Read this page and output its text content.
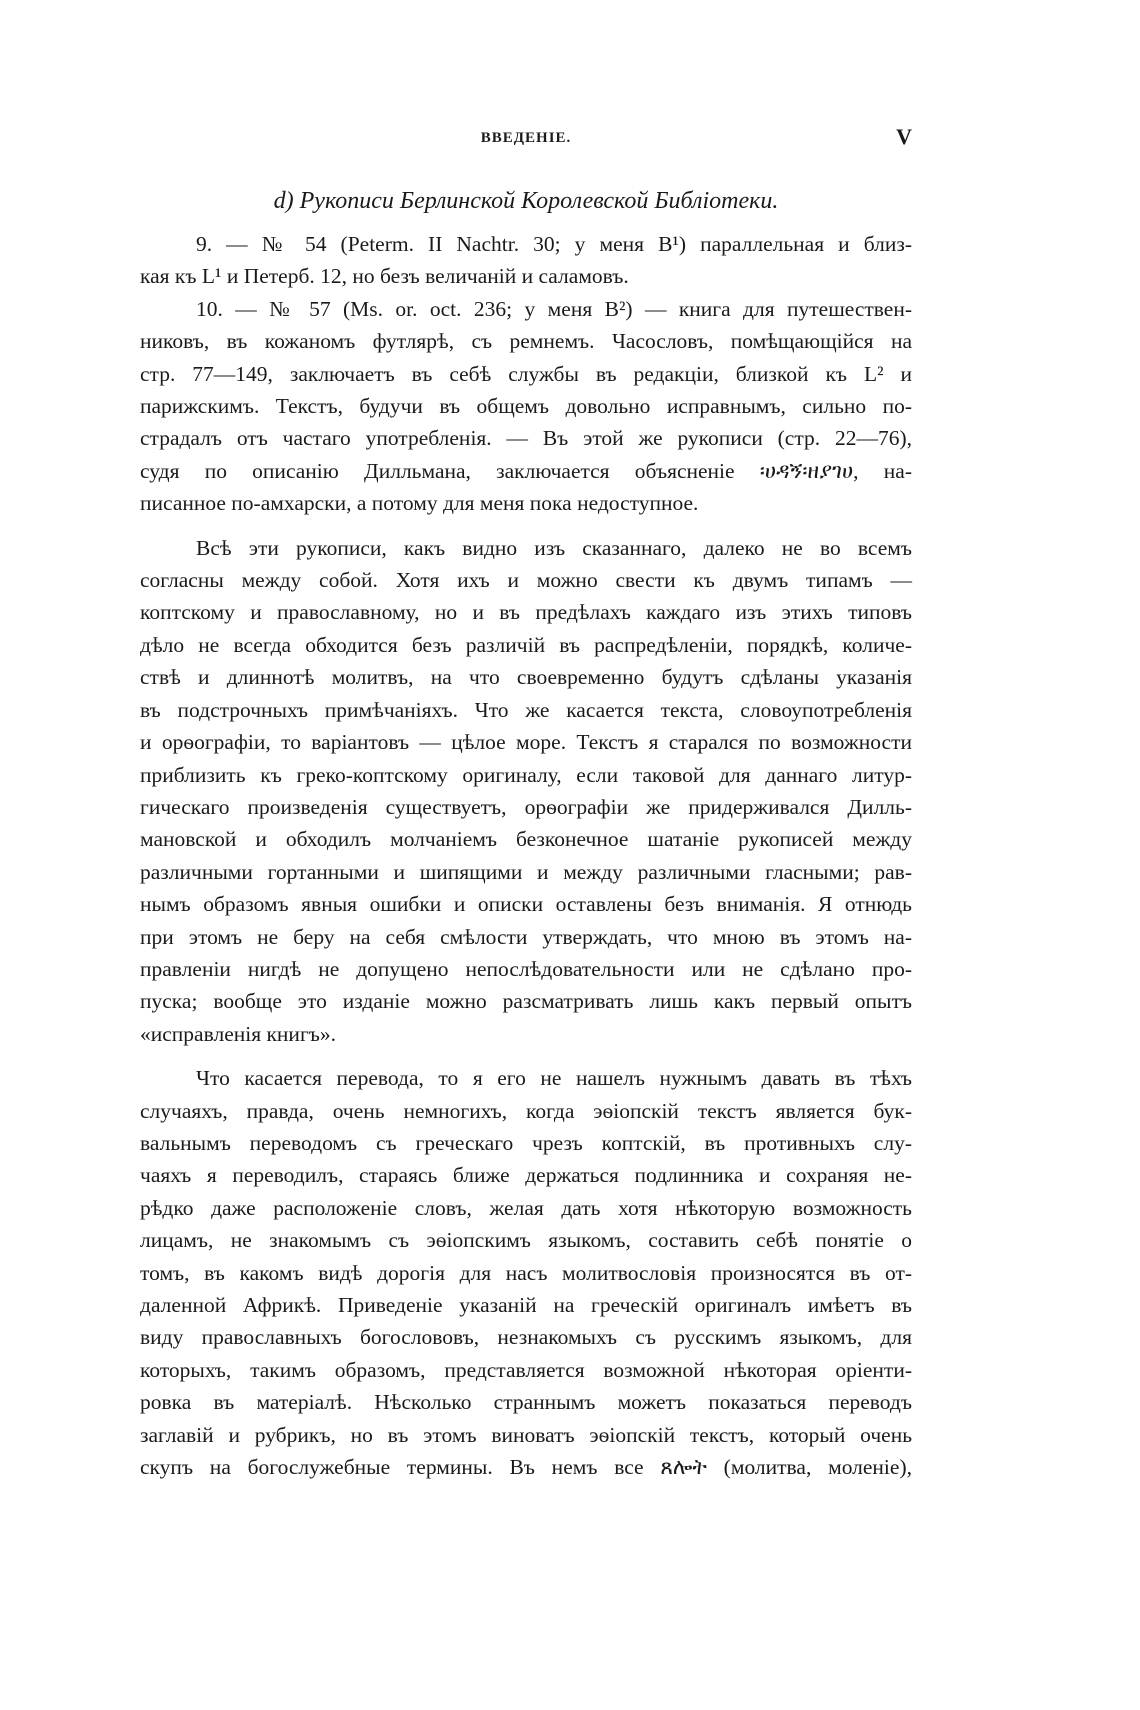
ВВЕДЕНІЕ.	V
d) Рукописи Берлинской Королевской Библіотеки.
9. — № 54 (Peterm. II Nachtr. 30; у меня B¹) параллельная и близ-
кая къ L¹ и Петерб. 12, но безъ величаній и саламовъ.
10. — № 57 (Ms. or. oct. 236; у меня B²) — книга для путешествен-
никовъ, въ кожаномъ футлярѣ, съ ремнемъ. Часословъ, помѣщающійся на
стр. 77—149, заключаетъ въ себѣ службы въ редакціи, близкой къ L² и
парижскимъ. Текстъ, будучи въ общемъ довольно исправнымъ, сильно по-
страдалъ отъ частаго употребленія. — Въ этой же рукописи (стр. 22—76),
судя по описанію Дилльмана, заключается объясненіе ፡ሀዳኝ፡ዘያገሀ, на-
писанное по-амхарски, а потому для меня пока недоступное.
Всѣ эти рукописи, какъ видно изъ сказаннаго, далеко не во всемъ
согласны между собой. Хотя ихъ и можно свести къ двумъ типамъ —
коптскому и православному, но и въ предѣлахъ каждаго изъ этихъ типовъ
дѣло не всегда обходится безъ различій въ распредѣленіи, порядкѣ, количе-
ствѣ и длиннотѣ молитвъ, на что своевременно будутъ сдѣланы указанія
въ подстрочныхъ примѣчаніяхъ. Что же касается текста, словоупотребленія
и орѳографіи, то варіантовъ — цѣлое море. Текстъ я старался по возможности
приблизить къ греко-коптскому оригиналу, если таковой для даннаго литур-
гическаго произведенія существуетъ, орѳографіи же придерживался Дилль-
мановской и обходилъ молчаніемъ безконечное шатаніе рукописей между
различными гортанными и шипящими и между различными гласными; рав-
нымъ образомъ явныя ошибки и описки оставлены безъ вниманія. Я отнюдь
при этомъ не беру на себя смѣлости утверждать, что мною въ этомъ на-
правленіи нигдѣ не допущено непослѣдовательности или не сдѣлано про-
пуска; вообще это изданіе можно разсматривать лишь какъ первый опытъ
«исправленія книгъ».
Что касается перевода, то я его не нашелъ нужнымъ давать въ тѣхъ
случаяхъ, правда, очень немногихъ, когда эѳіопскій текстъ является бук-
вальнымъ переводомъ съ греческаго чрезъ коптскій, въ противныхъ слу-
чаяхъ я переводилъ, стараясь ближе держаться подлинника и сохраняя не-
рѣдко даже расположеніе словъ, желая дать хотя нѣкоторую возможность
лицамъ, не знакомымъ съ эѳіопскимъ языкомъ, составить себѣ понятіе о
томъ, въ какомъ видѣ дорогія для насъ молитвословія произносятся въ от-
даленной Африкѣ. Приведеніе указаній на греческій оригиналъ имѣетъ въ
виду православныхъ богослововъ, незнакомыхъ съ русскимъ языкомъ, для
которыхъ, такимъ образомъ, представляется возможной нѣкоторая оріенти-
ровка въ матеріалѣ. Нѣсколько страннымъ можетъ показаться переводъ
заглавій и рубрикъ, но въ этомъ виноватъ эѳіопскій текстъ, который очень
скупъ на богослужебные термины. Въ немъ все ጸሎት (молитва, моленіе),
